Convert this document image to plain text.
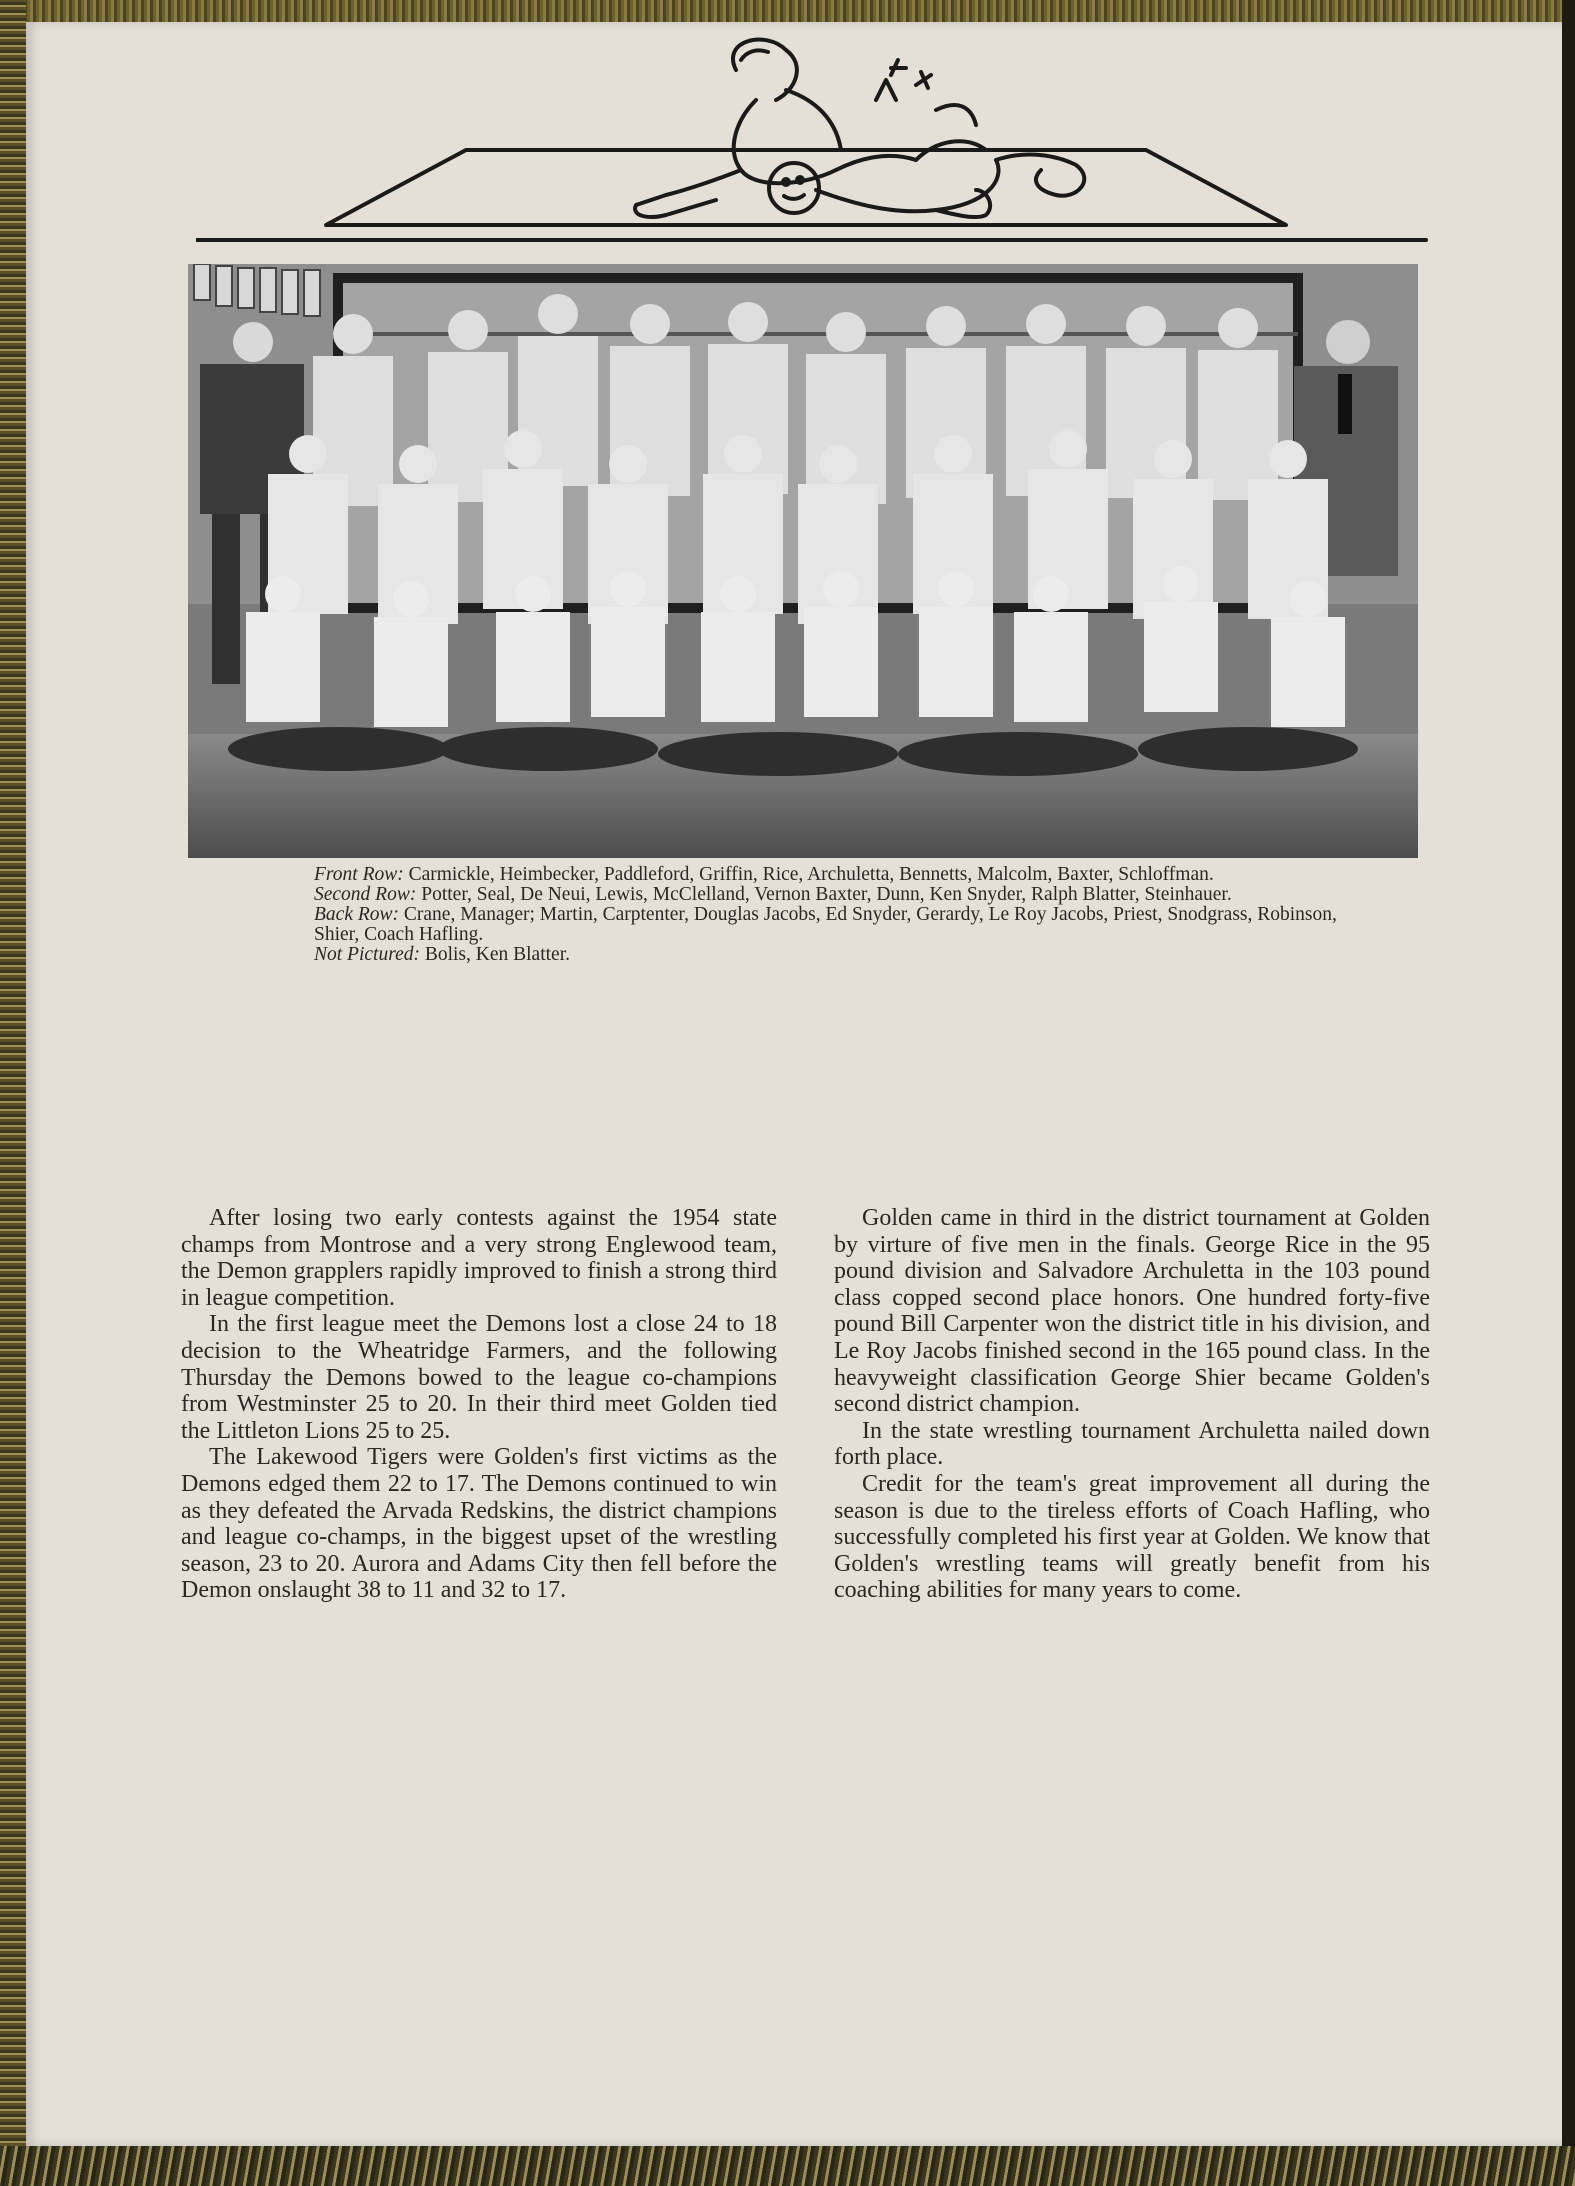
Front Row: Carmickle, Heimbecker, Paddleford, Griffin, Rice, Archuletta, Bennetts, Malcolm, Baxter, Schloffman.

Second Row: Potter, Seal, De Neui, Lewis, McClelland, Vernon Baxter, Dunn, Ken Snyder, Ralph Blatter, Steinhauer.

Back Row: Crane, Manager; Martin, Carptenter, Douglas Jacobs, Ed Snyder, Gerardy, Le Roy Jacobs, Priest, Snodgrass, Robinson, Shier, Coach Hafling.

Not Pictured: Bolis, Ken Blatter.

After losing two early contests against the 1954 state champs from Montrose and a very strong Englewood team, the Demon grapplers rapidly improved to finish a strong third in league competition.

In the first league meet the Demons lost a close 24 to 18 decision to the Wheatridge Farmers, and the following Thursday the Demons bowed to the league co-champions from Westminster 25 to 20. In their third meet Golden tied the Littleton Lions 25 to 25.

The Lakewood Tigers were Golden's first victims as the Demons edged them 22 to 17. The Demons continued to win as they defeated the Arvada Redskins, the district champions and league co-champs, in the biggest upset of the wrestling season, 23 to 20. Aurora and Adams City then fell before the Demon onslaught 38 to 11 and 32 to 17.

Golden came in third in the district tournament at Golden by virture of five men in the finals. George Rice in the 95 pound division and Salvadore Archuletta in the 103 pound class copped second place honors. One hundred forty-five pound Bill Carpenter won the district title in his division, and Le Roy Jacobs finished second in the 165 pound class. In the heavyweight classification George Shier became Golden's second district champion.

In the state wrestling tournament Archuletta nailed down forth place.

Credit for the team's great improvement all during the season is due to the tireless efforts of Coach Hafling, who successfully completed his first year at Golden. We know that Golden's wrestling teams will greatly benefit from his coaching abilities for many years to come.
